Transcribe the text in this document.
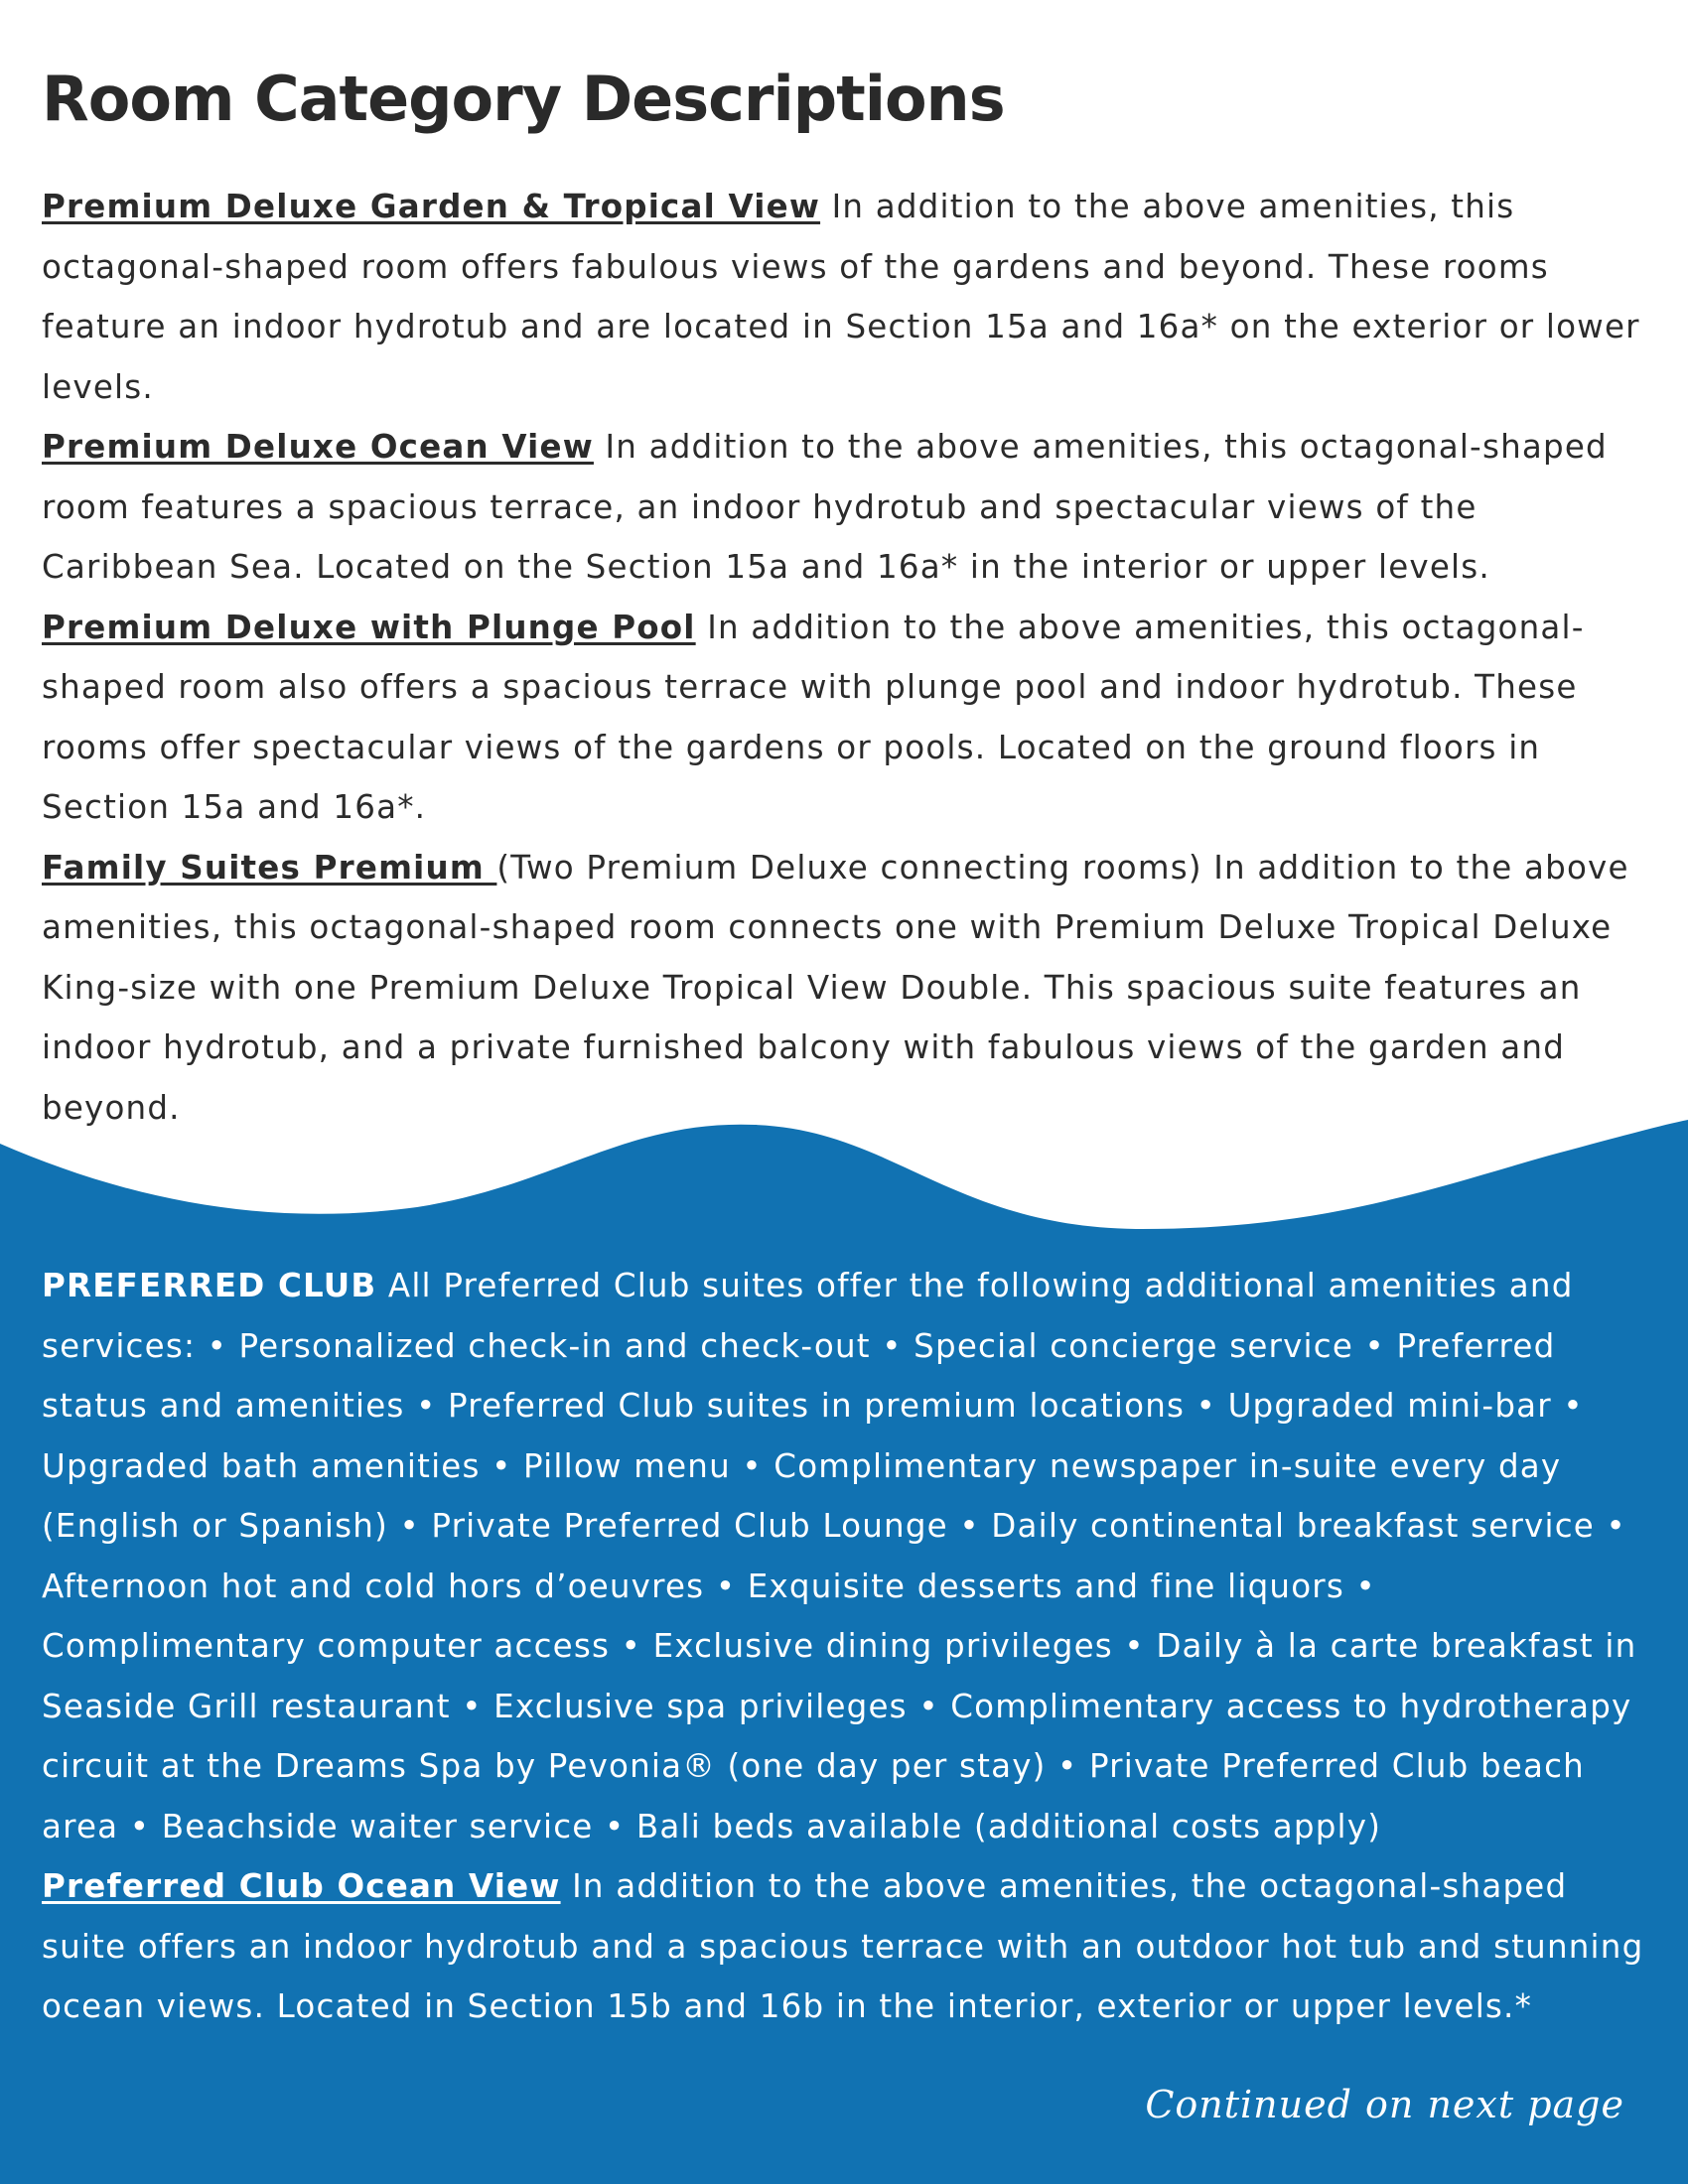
Room Category Descriptions

Premium Deluxe Garden & Tropical View In addition to the above amenities, this octagonal-shaped room offers fabulous views of the gardens and beyond. These rooms feature an indoor hydrotub and are located in Section 15a and 16a* on the exterior or lower levels.

Premium Deluxe Ocean View In addition to the above amenities, this octagonal-shaped room features a spacious terrace, an indoor hydrotub and spectacular views of the Caribbean Sea. Located on the Section 15a and 16a* in the interior or upper levels.

Premium Deluxe with Plunge Pool In addition to the above amenities, this octagonal-shaped room also offers a spacious terrace with plunge pool and indoor hydrotub. These rooms offer spectacular views of the gardens or pools. Located on the ground floors in Section 15a and 16a*.

Family Suites Premium (Two Premium Deluxe connecting rooms) In addition to the above amenities, this octagonal-shaped room connects one with Premium Deluxe Tropical Deluxe King-size with one Premium Deluxe Tropical View Double. This spacious suite features an indoor hydrotub, and a private furnished balcony with fabulous views of the garden and beyond.

PREFERRED CLUB All Preferred Club suites offer the following additional amenities and services: • Personalized check-in and check-out • Special concierge service • Preferred status and amenities • Preferred Club suites in premium locations • Upgraded mini-bar • Upgraded bath amenities • Pillow menu • Complimentary newspaper in-suite every day (English or Spanish) • Private Preferred Club Lounge • Daily continental breakfast service • Afternoon hot and cold hors d’oeuvres • Exquisite desserts and fine liquors • Complimentary computer access • Exclusive dining privileges • Daily à la carte breakfast in Seaside Grill restaurant • Exclusive spa privileges • Complimentary access to hydrotherapy circuit at the Dreams Spa by Pevonia® (one day per stay) • Private Preferred Club beach area • Beachside waiter service • Bali beds available (additional costs apply)

Preferred Club Ocean View In addition to the above amenities, the octagonal-shaped suite offers an indoor hydrotub and a spacious terrace with an outdoor hot tub and stunning ocean views. Located in Section 15b and 16b in the interior, exterior or upper levels.*

Continued on next page
